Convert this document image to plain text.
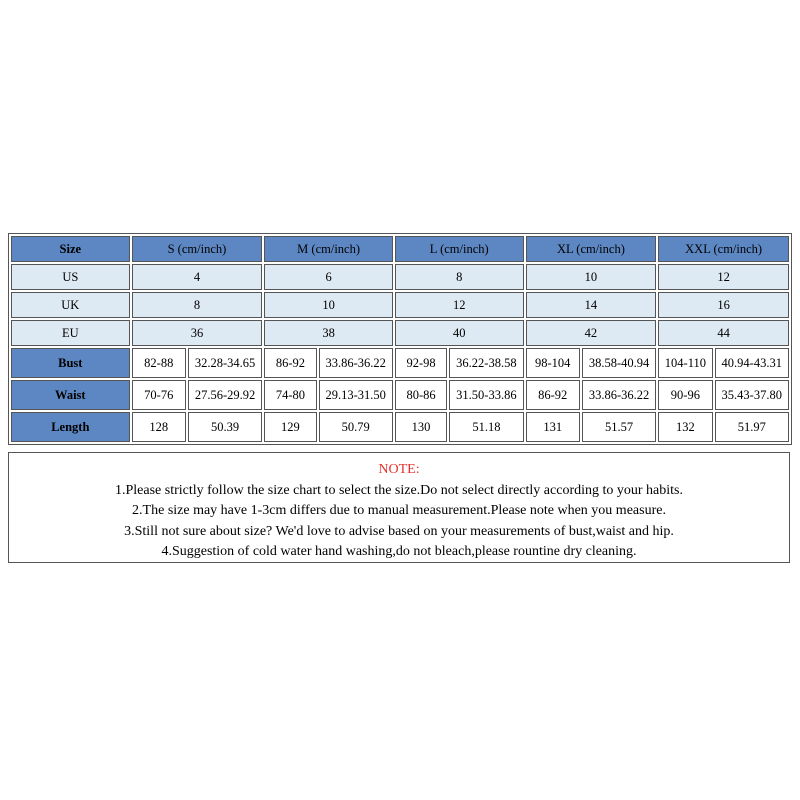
Size	S (cm/inch)		M (cm/inch)		L (cm/inch)		XL (cm/inch)		XXL (cm/inch)	
US	4		6		8		10		12	
UK	8		10		12		14		16	
EU	36		38		40		42		44	
Bust	82-88	32.28-34.65	86-92	33.86-36.22	92-98	36.22-38.58	98-104	38.58-40.94	104-110	40.94-43.31
Waist	70-76	27.56-29.92	74-80	29.13-31.50	80-86	31.50-33.86	86-92	33.86-36.22	90-96	35.43-37.80
Length	128	50.39	129	50.79	130	51.18	131	51.57	132	51.97
NOTE:
1.Please strictly follow the size chart to select the size.Do not select directly according to your habits.
2.The size may have 1-3cm differs due to manual measurement.Please note when you measure.
3.Still not sure about size? We'd love to advise based on your measurements of bust,waist and hip.
4.Suggestion of cold water hand washing,do not bleach,please rountine dry cleaning.
